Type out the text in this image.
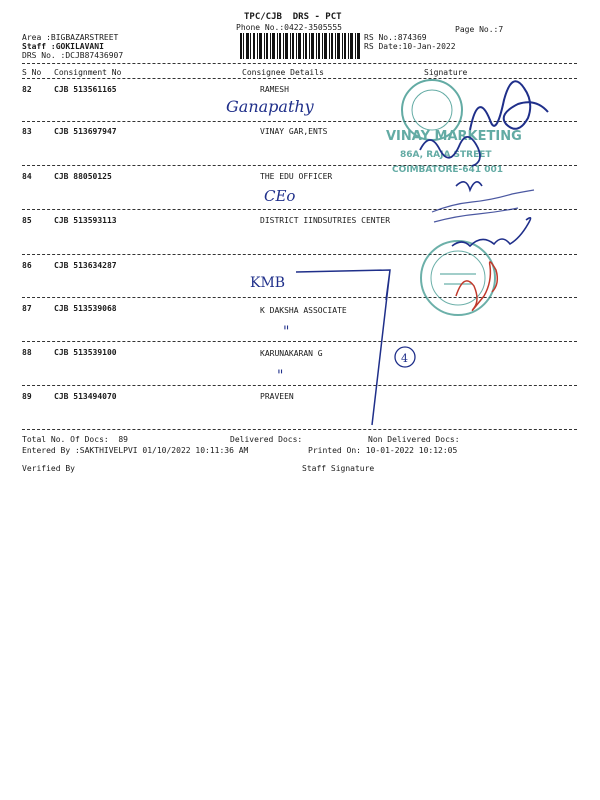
TPC/CJB  DRS - PCT
Phone No.:0422-3505555
Area :BIGBAZARSTREET
Staff :GOKILAVANI
DRS No. :DCJB87436907
RS No.:874369
RS Date:10-Jan-2022
Page No.:7
S No Consignment No	Consignee Details	Signature
82	CJB 513561165	RAMESH
83	CJB 513697947	VINAY GAR,ENTS
84	CJB 88050125	THE EDU OFFICER
85	CJB 513593113	DISTRICT IINDSUTRIES CENTER
86	CJB 513634287
87	CJB 513539068	K DAKSHA ASSOCIATE
88	CJB 513539100	KARUNAKARAN G
89	CJB 513494070	PRAVEEN
Total No. Of Docs:  89	Delivered Docs:	Non Delivered Docs:
Entered By :SAKTHIVELPVI 01/10/2022 10:11:36 AM	Printed On: 10-01-2022 10:12:05
Verified By	Staff Signature
VINAY MARKETING
86A, RAJA STREET
COIMBATORE-641 001
Ganapathy
CEo
KMB
"
"
4
